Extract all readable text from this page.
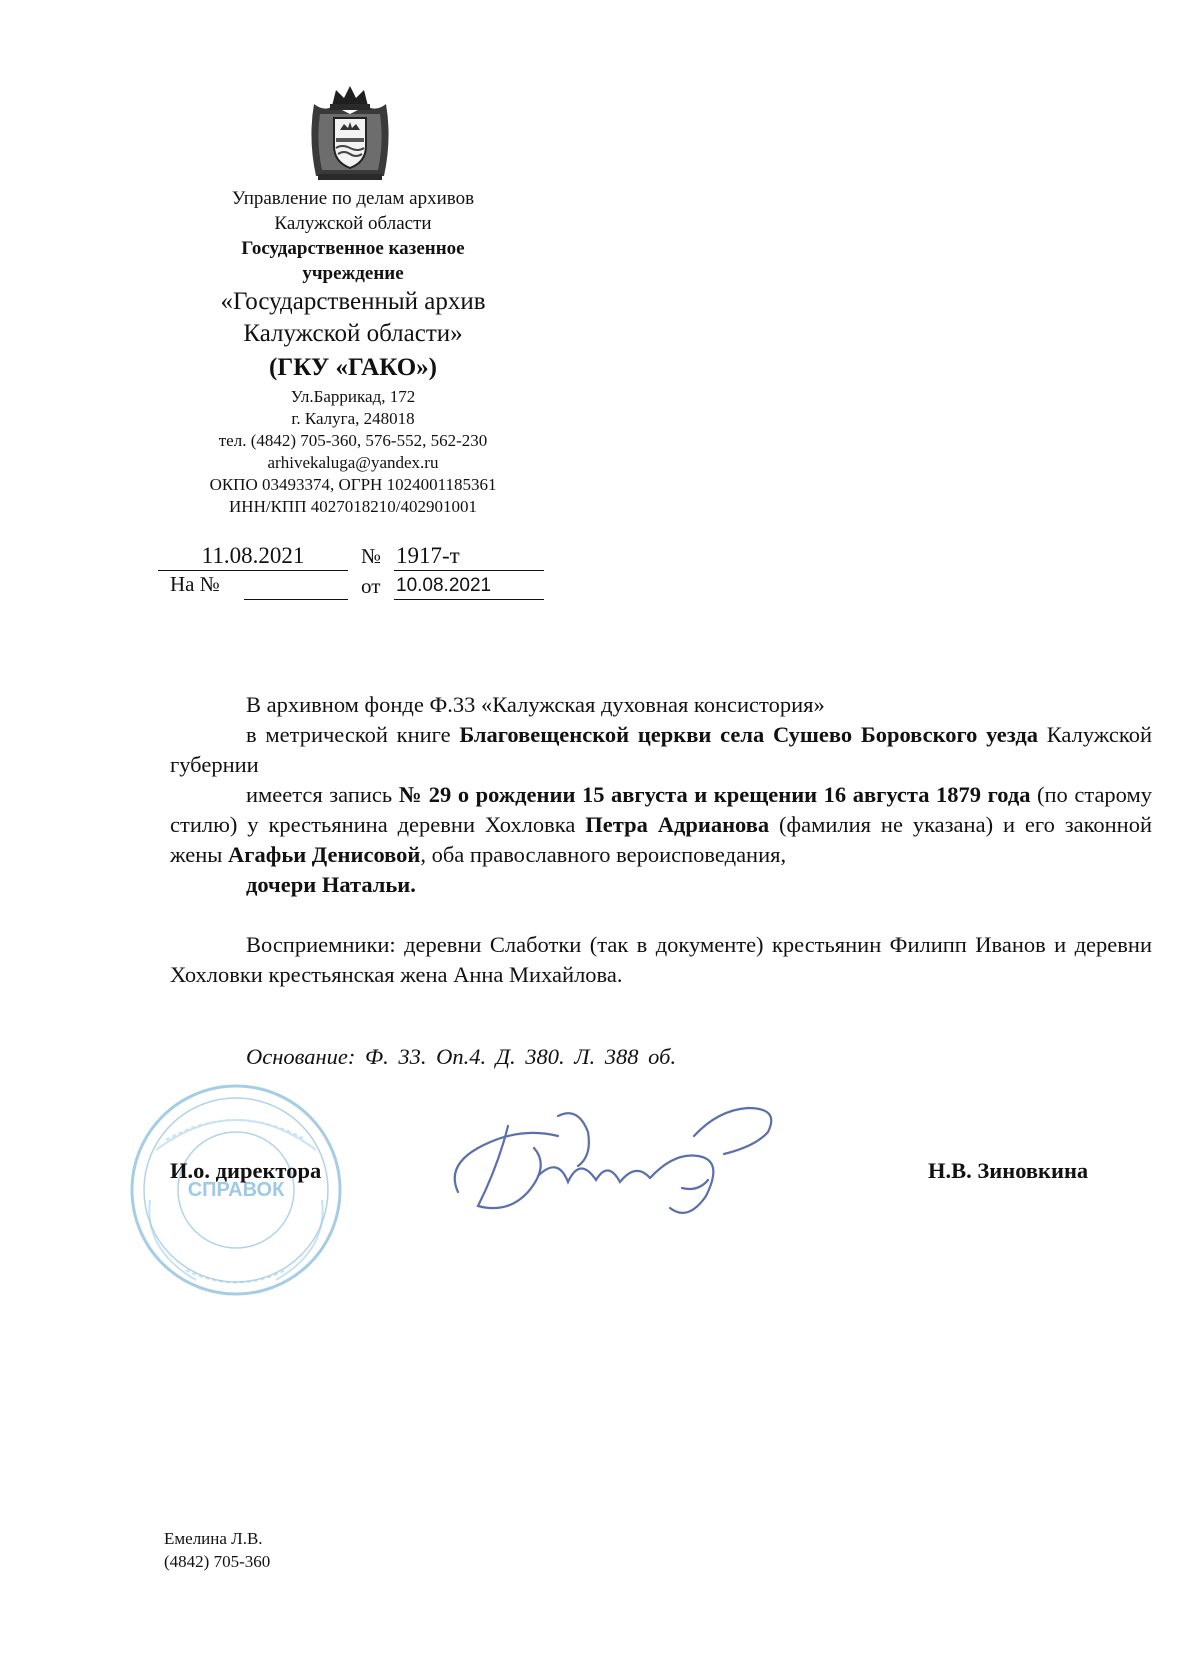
Управление по делам архивов
Калужской области
Государственное казенное
учреждение
«Государственный архив
Калужской области»
(ГКУ «ГАКО»)
Ул.Баррикад, 172
г. Калуга, 248018
тел. (4842) 705-360, 576-552, 562-230
arhivekaluga@yandex.ru
ОКПО 03493374, ОГРН 1024001185361
ИНН/КПП 4027018210/402901001
11.08.2021	№ 1917-т
На №	от 10.08.2021

В архивном фонде Ф.33 «Калужская духовная консистория»

в метрической книге Благовещенской церкви села Сушево Боровского уезда Калужской губернии

имеется запись № 29 о рождении 15 августа и крещении 16 августа 1879 года (по старому стилю) у крестьянина деревни Хохловка Петра Адрианова (фамилия не указана) и его законной жены Агафьи Денисовой, оба православного вероисповедания,

дочери Натальи.

Восприемники: деревни Слаботки (так в документе) крестьянин Филипп Иванов и деревни Хохловки крестьянская жена Анна Михайлова.

Основание: Ф. 33. Оп.4. Д. 380. Л. 388 об.
СПРАВОК
И.о. директора	Н.В. Зиновкина
Емелина Л.В.
(4842) 705-360
